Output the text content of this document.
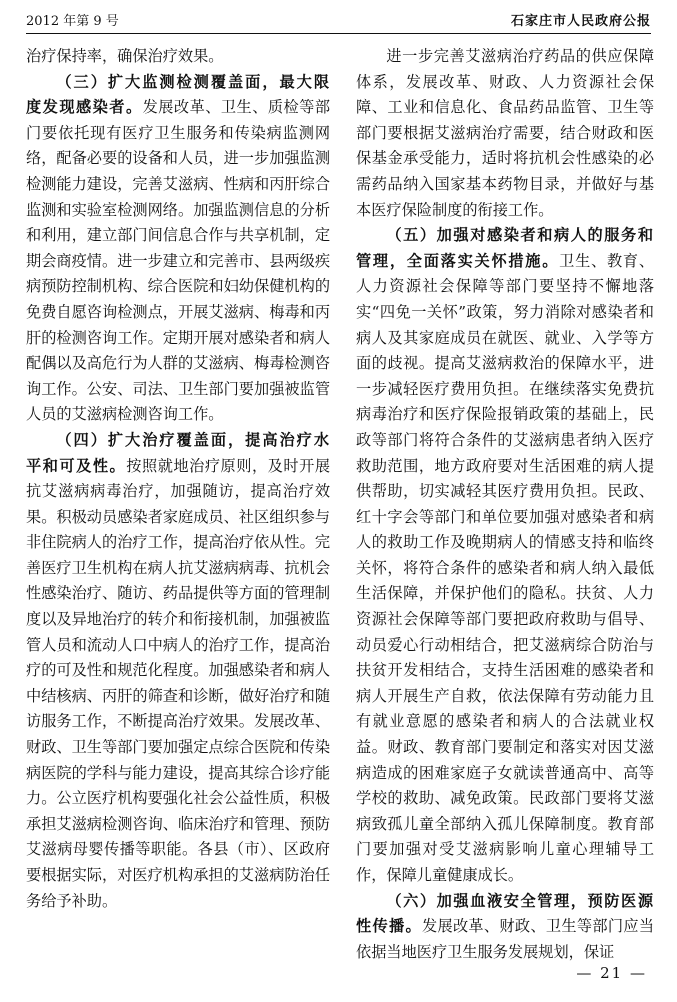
2012 年第 9 号	石家庄市人民政府公报

治疗保持率，确保治疗效果。

（三）扩大监测检测覆盖面，最大限度发现感染者。发展改革、卫生、质检等部门要依托现有医疗卫生服务和传染病监测网络，配备必要的设备和人员，进一步加强监测检测能力建设，完善艾滋病、性病和丙肝综合监测和实验室检测网络。加强监测信息的分析和利用，建立部门间信息合作与共享机制，定期会商疫情。进一步建立和完善市、县两级疾病预防控制机构、综合医院和妇幼保健机构的免费自愿咨询检测点，开展艾滋病、梅毒和丙肝的检测咨询工作。定期开展对感染者和病人配偶以及高危行为人群的艾滋病、梅毒检测咨询工作。公安、司法、卫生部门要加强被监管人员的艾滋病检测咨询工作。

（四）扩大治疗覆盖面，提高治疗水平和可及性。按照就地治疗原则，及时开展抗艾滋病病毒治疗，加强随访，提高治疗效果。积极动员感染者家庭成员、社区组织参与非住院病人的治疗工作，提高治疗依从性。完善医疗卫生机构在病人抗艾滋病病毒、抗机会性感染治疗、随访、药品提供等方面的管理制度以及异地治疗的转介和衔接机制，加强被监管人员和流动人口中病人的治疗工作，提高治疗的可及性和规范化程度。加强感染者和病人中结核病、丙肝的筛查和诊断，做好治疗和随访服务工作，不断提高治疗效果。发展改革、财政、卫生等部门要加强定点综合医院和传染病医院的学科与能力建设，提高其综合诊疗能力。公立医疗机构要强化社会公益性质，积极承担艾滋病检测咨询、临床治疗和管理、预防艾滋病母婴传播等职能。各县（市）、区政府要根据实际，对医疗机构承担的艾滋病防治任务给予补助。

进一步完善艾滋病治疗药品的供应保障体系，发展改革、财政、人力资源社会保障、工业和信息化、食品药品监管、卫生等部门要根据艾滋病治疗需要，结合财政和医保基金承受能力，适时将抗机会性感染的必需药品纳入国家基本药物目录，并做好与基本医疗保险制度的衔接工作。

（五）加强对感染者和病人的服务和管理，全面落实关怀措施。卫生、教育、人力资源社会保障等部门要坚持不懈地落实“四免一关怀”政策，努力消除对感染者和病人及其家庭成员在就医、就业、入学等方面的歧视。提高艾滋病救治的保障水平，进一步减轻医疗费用负担。在继续落实免费抗病毒治疗和医疗保险报销政策的基础上，民政等部门将符合条件的艾滋病患者纳入医疗救助范围，地方政府要对生活困难的病人提供帮助，切实减轻其医疗费用负担。民政、红十字会等部门和单位要加强对感染者和病人的救助工作及晚期病人的情感支持和临终关怀，将符合条件的感染者和病人纳入最低生活保障，并保护他们的隐私。扶贫、人力资源社会保障等部门要把政府救助与倡导、动员爱心行动相结合，把艾滋病综合防治与扶贫开发相结合，支持生活困难的感染者和病人开展生产自救，依法保障有劳动能力且有就业意愿的感染者和病人的合法就业权益。财政、教育部门要制定和落实对因艾滋病造成的困难家庭子女就读普通高中、高等学校的救助、减免政策。民政部门要将艾滋病致孤儿童全部纳入孤儿保障制度。教育部门要加强对受艾滋病影响儿童心理辅导工作，保障儿童健康成长。

（六）加强血液安全管理，预防医源性传播。发展改革、财政、卫生等部门应当依据当地医疗卫生服务发展规划，保证

— 21 —
